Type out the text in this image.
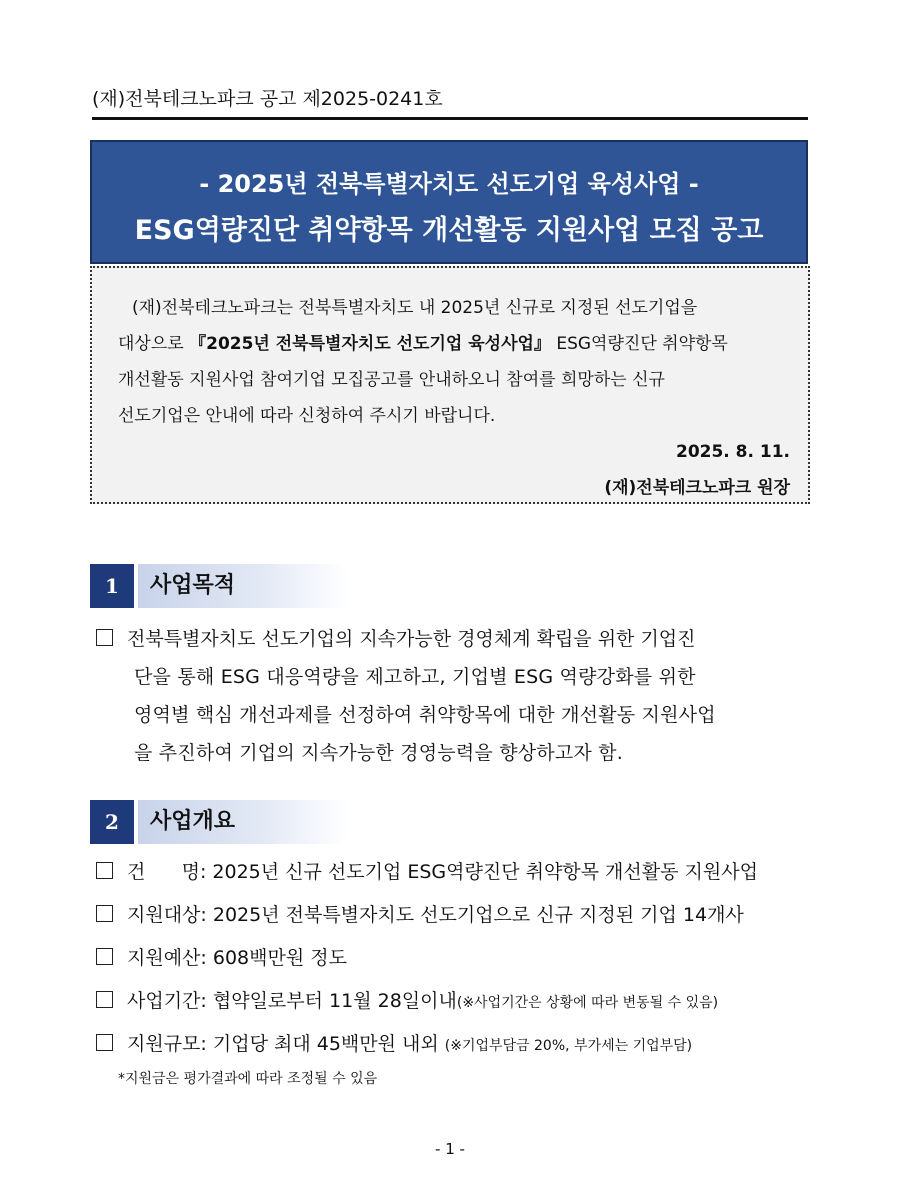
(재)전북테크노파크 공고 제2025-0241호
- 2025년 전북특별자치도 선도기업 육성사업 -
ESG역량진단 취약항목 개선활동 지원사업 모집 공고
(재)전북테크노파크는 전북특별자치도 내 2025년 신규로 지정된 선도기업을
대상으로 『2025년 전북특별자치도 선도기업 육성사업』 ESG역량진단 취약항목
개선활동 지원사업 참여기업 모집공고를 안내하오니 참여를 희망하는 신규
선도기업은 안내에 따라 신청하여 주시기 바랍니다.
2025. 8. 11.
(재)전북테크노파크 원장
1	사업목적
전북특별자치도 선도기업의 지속가능한 경영체계 확립을 위한 기업진
단을 통해 ESG 대응역량을 제고하고, 기업별 ESG 역량강화를 위한
영역별 핵심 개선과제를 선정하여 취약항목에 대한 개선활동 지원사업
을 추진하여 기업의 지속가능한 경영능력을 향상하고자 함.
2	사업개요
건      명: 2025년 신규 선도기업 ESG역량진단 취약항목 개선활동 지원사업
지원대상: 2025년 전북특별자치도 선도기업으로 신규 지정된 기업 14개사
지원예산: 608백만원 정도
사업기간: 협약일로부터 11월 28일이내(※사업기간은 상황에 따라 변동될 수 있음)
지원규모: 기업당 최대 45백만원 내외 (※기업부담금 20%, 부가세는 기업부담)
*지원금은 평가결과에 따라 조정될 수 있음
- 1 -
